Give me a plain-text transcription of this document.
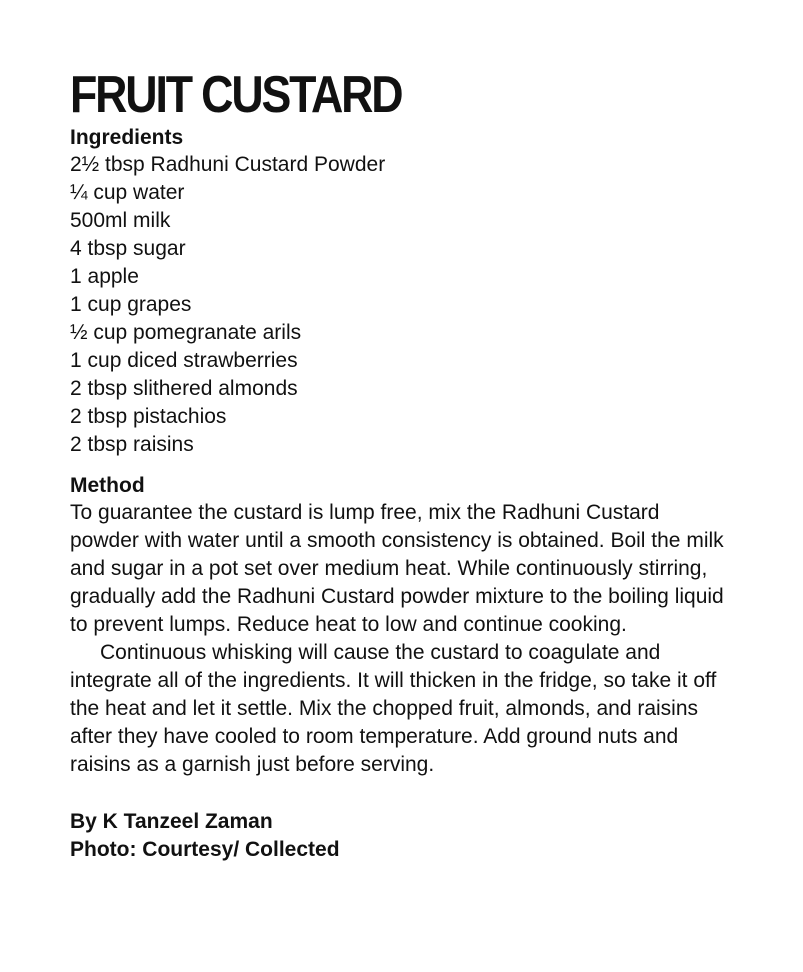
FRUIT CUSTARD
Ingredients
2½ tbsp Radhuni Custard Powder
¼ cup water
500ml milk
4 tbsp sugar
1 apple
1 cup grapes
½ cup pomegranate arils
1 cup diced strawberries
2 tbsp slithered almonds
2 tbsp pistachios
2 tbsp raisins
Method

To guarantee the custard is lump free, mix the Radhuni Custard powder with water until a smooth consistency is obtained. Boil the milk and sugar in a pot set over medium heat. While continuously stirring, gradually add the Radhuni Custard powder mixture to the boiling liquid to prevent lumps. Reduce heat to low and continue cooking.

Continuous whisking will cause the custard to coagulate and integrate all of the ingredients. It will thicken in the fridge, so take it off the heat and let it settle. Mix the chopped fruit, almonds, and raisins after they have cooled to room temperature. Add ground nuts and raisins as a garnish just before serving.

By K Tanzeel Zaman

Photo: Courtesy/ Collected
